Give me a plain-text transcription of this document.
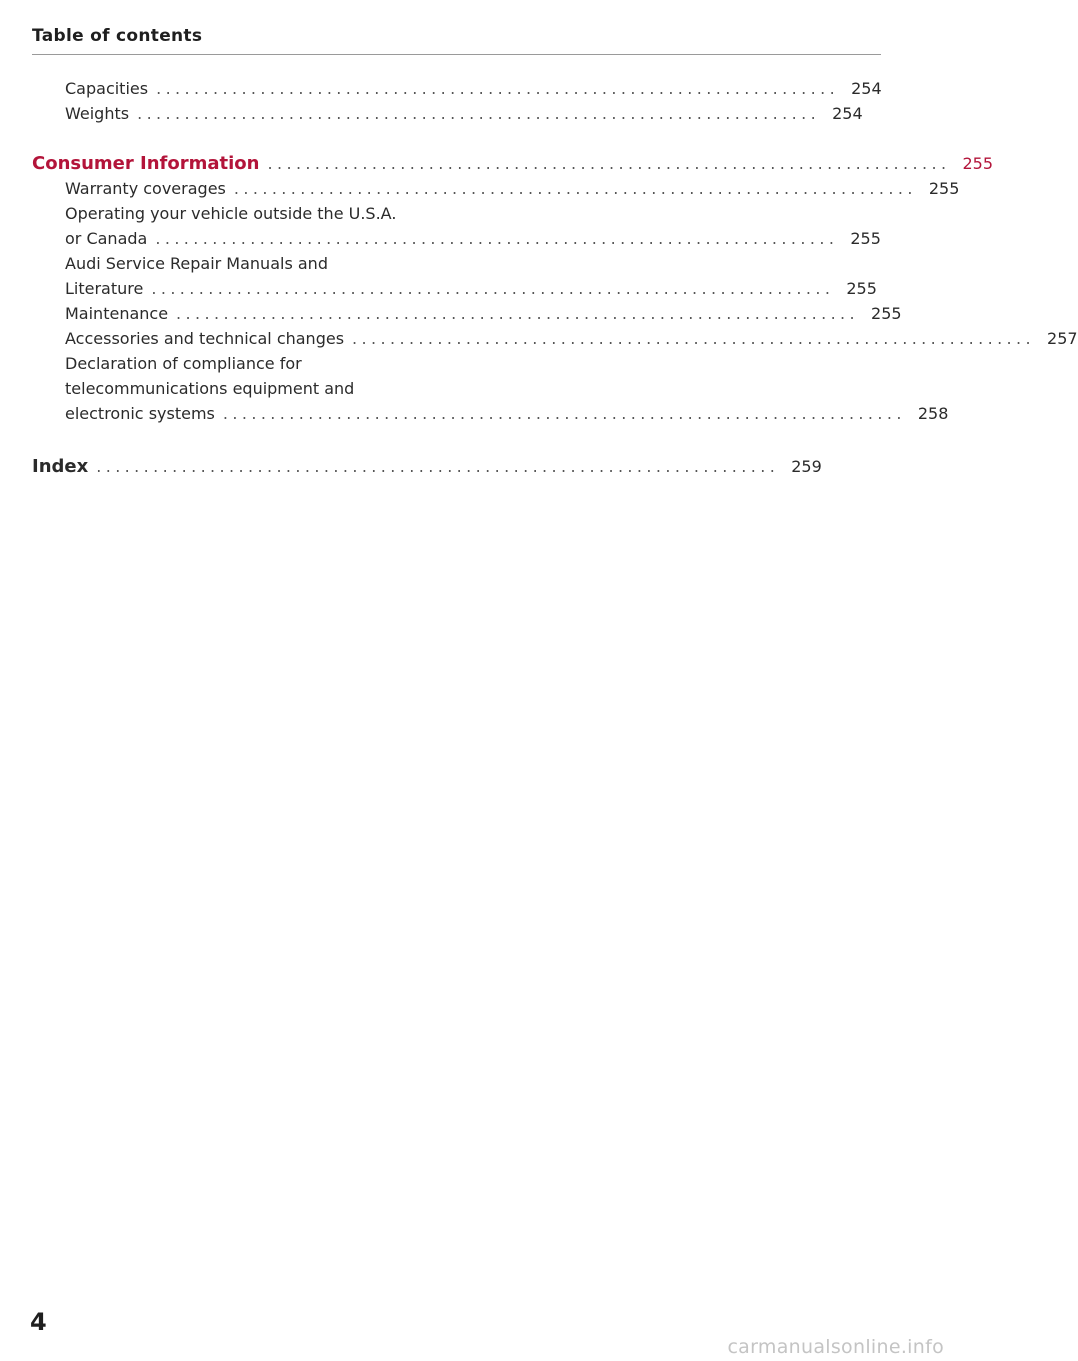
Table of contents
Capacities ........................................................................ 254
Weights ........................................................................ 254
Consumer Information ........................................................................ 255
Warranty coverages ........................................................................ 255
Operating your vehicle outside the U.S.A.
or Canada ........................................................................ 255
Audi Service Repair Manuals and
Literature ........................................................................ 255
Maintenance ........................................................................ 255
Accessories and technical changes ........................................................................ 257
Declaration of compliance for
telecommunications equipment and
electronic systems ........................................................................ 258
Index ........................................................................ 259
4
carmanualsonline.info
